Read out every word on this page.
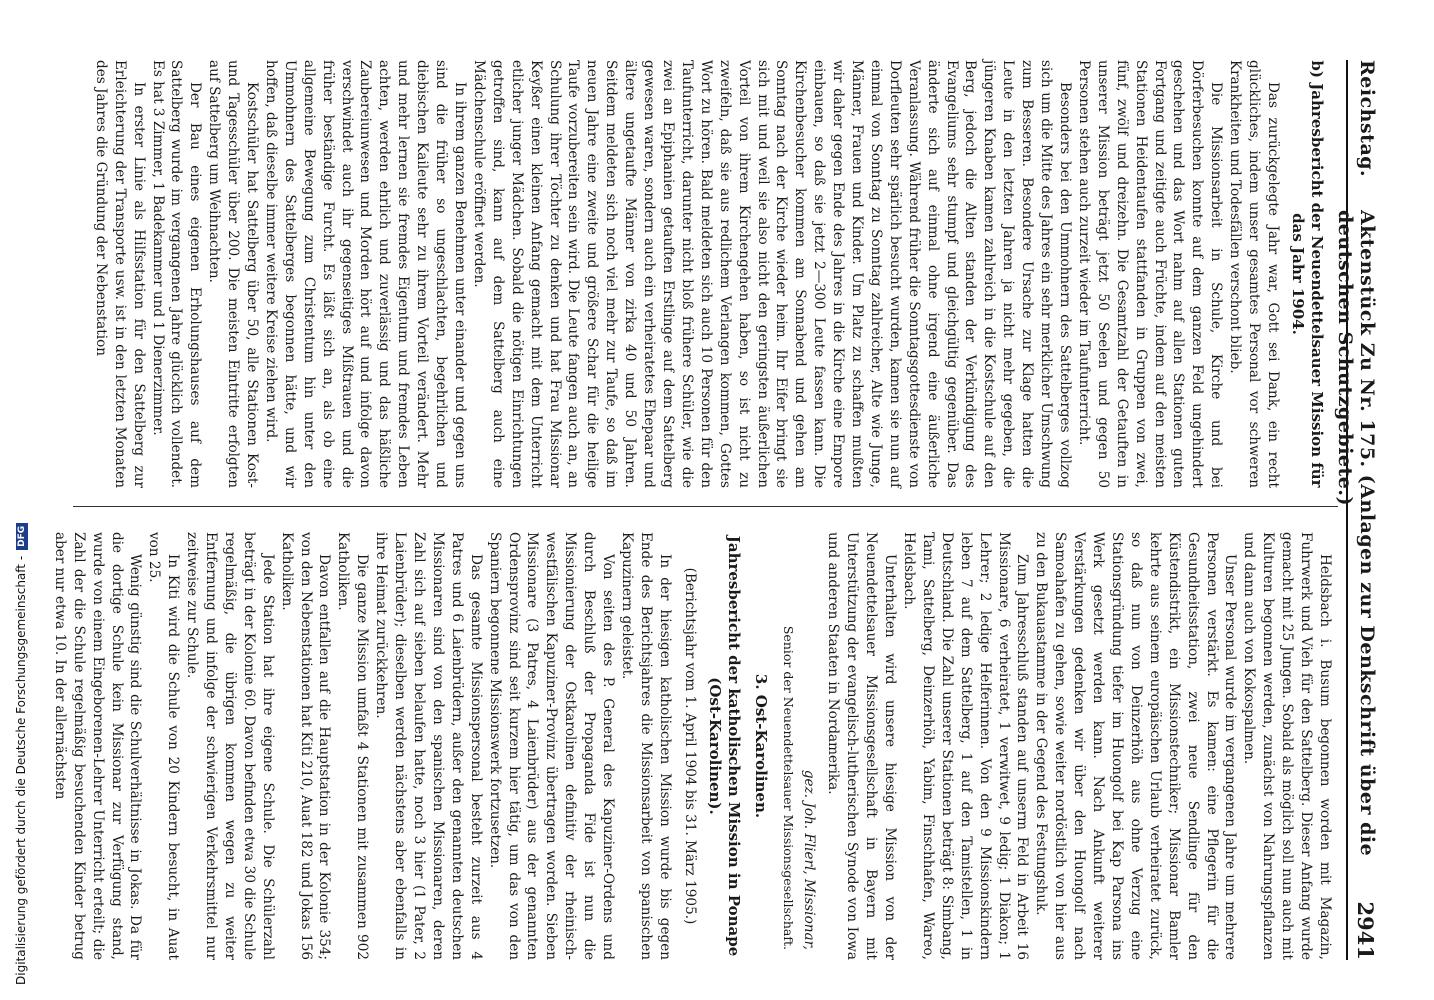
Reichstag.
Aktenstück Zu Nr. 175. (Anlagen zur Denkschrift über die deutschen Schutzgebiete.)
2941
b) Jahresbericht der Neuendettelsauer Mission für das Jahr 1904.

Das zurückgelegte Jahr war, Gott sei Dank, ein recht glückliches, indem unser gesamtes Personal vor schweren Krankheiten und Todesfällen verschont blieb.

Die Missionsarbeit in Schule, Kirche und bei Dörferbesuchen konnte auf dem ganzen Feld ungehindert geschehen und das Wort nahm auf allen Stationen guten Fortgang und zeitigte auch Früchte, indem auf den meisten Stationen Heidentaufen stattfanden in Gruppen von zwei, fünf, zwölf und dreizehn. Die Gesamtzahl der Getauften in unserer Mission beträgt jetzt 50 Seelen und gegen 50 Personen stehen auch zurzeit wieder im Taufunterricht.

Besonders bei den Ummohnern des Sattelberges vollzog sich um die Mitte des Jahres ein sehr merklicher Umschwung zum Besseren. Besondere Ursache zur Klage hatten die Leute in den letzten Jahren ja nicht mehr gegeben, die jüngeren Knaben kamen zahlreich in die Kostschule auf den Berg, jedoch die Alten standen der Verkündigung des Evangeliums sehr stumpf und gleichgültig gegenüber. Das änderte sich auf einmal ohne irgend eine äußerliche Veranlassung. Während früher die Sonntagsgottesdienste von Dorfleuten sehr spärlich besucht wurden, kamen sie nun auf einmal von Sonntag zu Sonntag zahlreicher, Alte wie Junge, Männer, Frauen und Kinder. Um Platz zu schaffen mußten wir daher gegen Ende des Jahres in die Kirche eine Empore einbauen, so daß sie jetzt 2—300 Leute fassen kann. Die Kirchenbesucher kommen am Sonnabend und gehen am Sonntag nach der Kirche wieder heim. Ihr Eifer bringt sie sich mit und weil sie also nicht den geringsten äußerlichen Vorteil von ihrem Kirchengehen haben, so ist nicht zu zweifeln, daß sie aus redlichem Verlangen kommen, Gottes Wort zu hören. Bald meldeten sich auch 10 Personen für den Taufunterricht, darunter nicht bloß frühere Schüler, wie die zwei an Epiphanien getauften Erstlinge auf dem Sattelberg gewesen waren, sondern auch ein verheiratetes Ehepaar und ältere ungetaufte Männer von zirka 40 und 50 Jahren. Seitdem meldeten sich noch viel mehr zur Taufe, so daß im neuen Jahre eine zweite und größere Schar für die heilige Taufe vorzubereiten sein wird. Die Leute fangen auch an, an Schulung ihrer Töchter zu denken und hat Frau Missionar Keyßer einen kleinen Anfang gemacht mit dem Unterricht etlicher junger Mädchen. Sobald die nötigen Einrichtungen getroffen sind, kann auf dem Sattelberg auch eine Mädchenschule eröffnet werden.

In ihrem ganzen Benehmen unter einander und gegen uns sind die früher so ungeschlachten, begehrlichen und diebischen Kaileute sehr zu ihrem Vorteil verändert. Mehr und mehr lernen sie fremdes Eigentum und fremdes Leben achten, werden ehrlich und zuverlässig und das häßliche Zaubereiunwesen und Morden hört auf und infolge davon verschwindet auch ihr gegenseitiges Mißtrauen und die früher beständige Furcht. Es läßt sich an, als ob eine allgemeine Bewegung zum Christentum hin unter den Ummohnern des Sattelberges begonnen hätte, und wir hoffen, daß dieselbe immer weitere Kreise ziehen wird.

Kostschüler hat Sattelberg über 50, alle Stationen Kost- und Tagesschüler über 200. Die meisten Eintritte erfolgten auf Sattelberg um Weihnachten.

Der Bau eines eigenen Erholungshauses auf dem Sattelberg wurde im vergangenen Jahre glücklich vollendet. Es hat 3 Zimmer, 1 Badekammer und 1 Dienerzimmer.

In erster Linie als Hilfsstation für den Sattelberg zur Erleichterung der Transporte usw. ist in den letzten Monaten des Jahres die Gründung der Nebenstation

Heldsbach i. Busum begonnen worden mit Magazin, Fuhrwerk und Vieh für den Sattelberg. Dieser Anfang wurde gemacht mit 25 Jungen. Sobald als möglich soll nun auch mit Kulturen begonnen werden, zunächst von Nahrungspflanzen und dann auch von Kokospalmen.

Unser Personal wurde im vergangenen Jahre um mehrere Personen verstärkt. Es kamen: eine Pflegerin für die Gesundheitsstation, zwei neue Sendlinge für den Küstendistrikt, ein Missionstechniker; Missionar Bamler kehrte aus seinem europäischen Urlaub verheiratet zurück, so daß nun von Deinzerhöh aus ohne Verzug eine Stationsgründung tiefer im Huongolf bei Kap Parsona ins Werk gesetzt werden kann. Nach Ankunft weiterer Verstärkungen gedenken wir über den Huongolf nach Samoahafen zu gehen, sowie weiter nordöstlich von hier aus zu den Bukauastamme in der Gegend des Festungshuk.

Zum Jahresschluß standen auf unserm Feld in Arbeit 16 Missionare, 6 verheiratet, 1 verwitwet, 9 ledig; 1 Diakon; 1 Lehrer; 2 ledige Helferinnen. Von den 9 Missionskindern leben 7 auf dem Sattelberg, 1 auf den Tamistellen, 1 in Deutschland. Die Zahl unserer Stationen beträgt 8: Simbang, Tami, Sattelberg, Deinzerhöh, Yabim, Finschhafen, Wareo, Heldsbach.

Unterhalten wird unsere hiesige Mission von der Neuendettelsauer Missionsgesellschaft in Bayern mit Unterstützung der evangelisch-lutherischen Synode von Iowa und anderen Staaten in Nordamerika.

gez. Joh. Flierl, Missionar,
Senior der Neuendettelsauer Missionsgesellschaft.
3. Ost-Karolinen.
Jahresbericht der katholischen Mission in Ponape (Ost-Karolinen).
(Berichtsjahr vom 1. April 1904 bis 31. März 1905.)

In der hiesigen katholischen Mission wurde bis gegen Ende des Berichtsjahres die Missionsarbeit von spanischen Kapuzinern geleistet.

Von seiten des P. General des Kapuziner-Ordens und durch Beschluß der Propaganda Fide ist nun die Missionierung der Ostkarolinen definitiv der rheinisch-westfälischen Kapuziner-Provinz übertragen worden. Sieben Missionare (3 Patres, 4 Laienbrüder) aus der genannten Ordensprovinz sind seit kurzem hier tätig, um das von den Spaniern begonnene Missionswerk fortzusetzen.

Das gesamte Missionspersonal besteht zurzeit aus 4 Patres und 6 Laienbrüdern, außer den genannten deutschen Missionaren sind von den spanischen Missionaren, deren Zahl sich auf sieben belaufen hatte, noch 3 hier (1 Pater, 2 Laienbrüder); dieselben werden nächstens aber ebenfalls in ihre Heimat zurückkehren.

Die ganze Mission umfaßt 4 Stationen mit zusammen 902 Katholiken.

Davon entfallen auf die Hauptstation in der Kolonie 354; von den Nebenstationen hat Kiti 210, Auat 182 und Jokas 156 Katholiken.

Jede Station hat ihre eigene Schule. Die Schülerzahl beträgt in der Kolonie 60. Davon befinden etwa 30 die Schule regelmäßig, die übrigen kommen wegen zu weiter Entfernung und infolge der schwierigen Verkehrsmittel nur zeitweise zur Schule.

In Kiti wird die Schule von 20 Kindern besucht, in Auat von 25.

Wenig günstig sind die Schulverhältnisse in Jokas. Da für die dortige Schule kein Missionar zur Verfügung stand, wurde von einem Eingeborenen-Lehrer Unterricht erteilt; die Zahl der die Schule regelmäßig besuchenden Kinder betrug aber nur etwa 10. In der allernächsten

Digitalisierung gefördert durch die Deutsche Forschungsgemeinschaft -DFG
